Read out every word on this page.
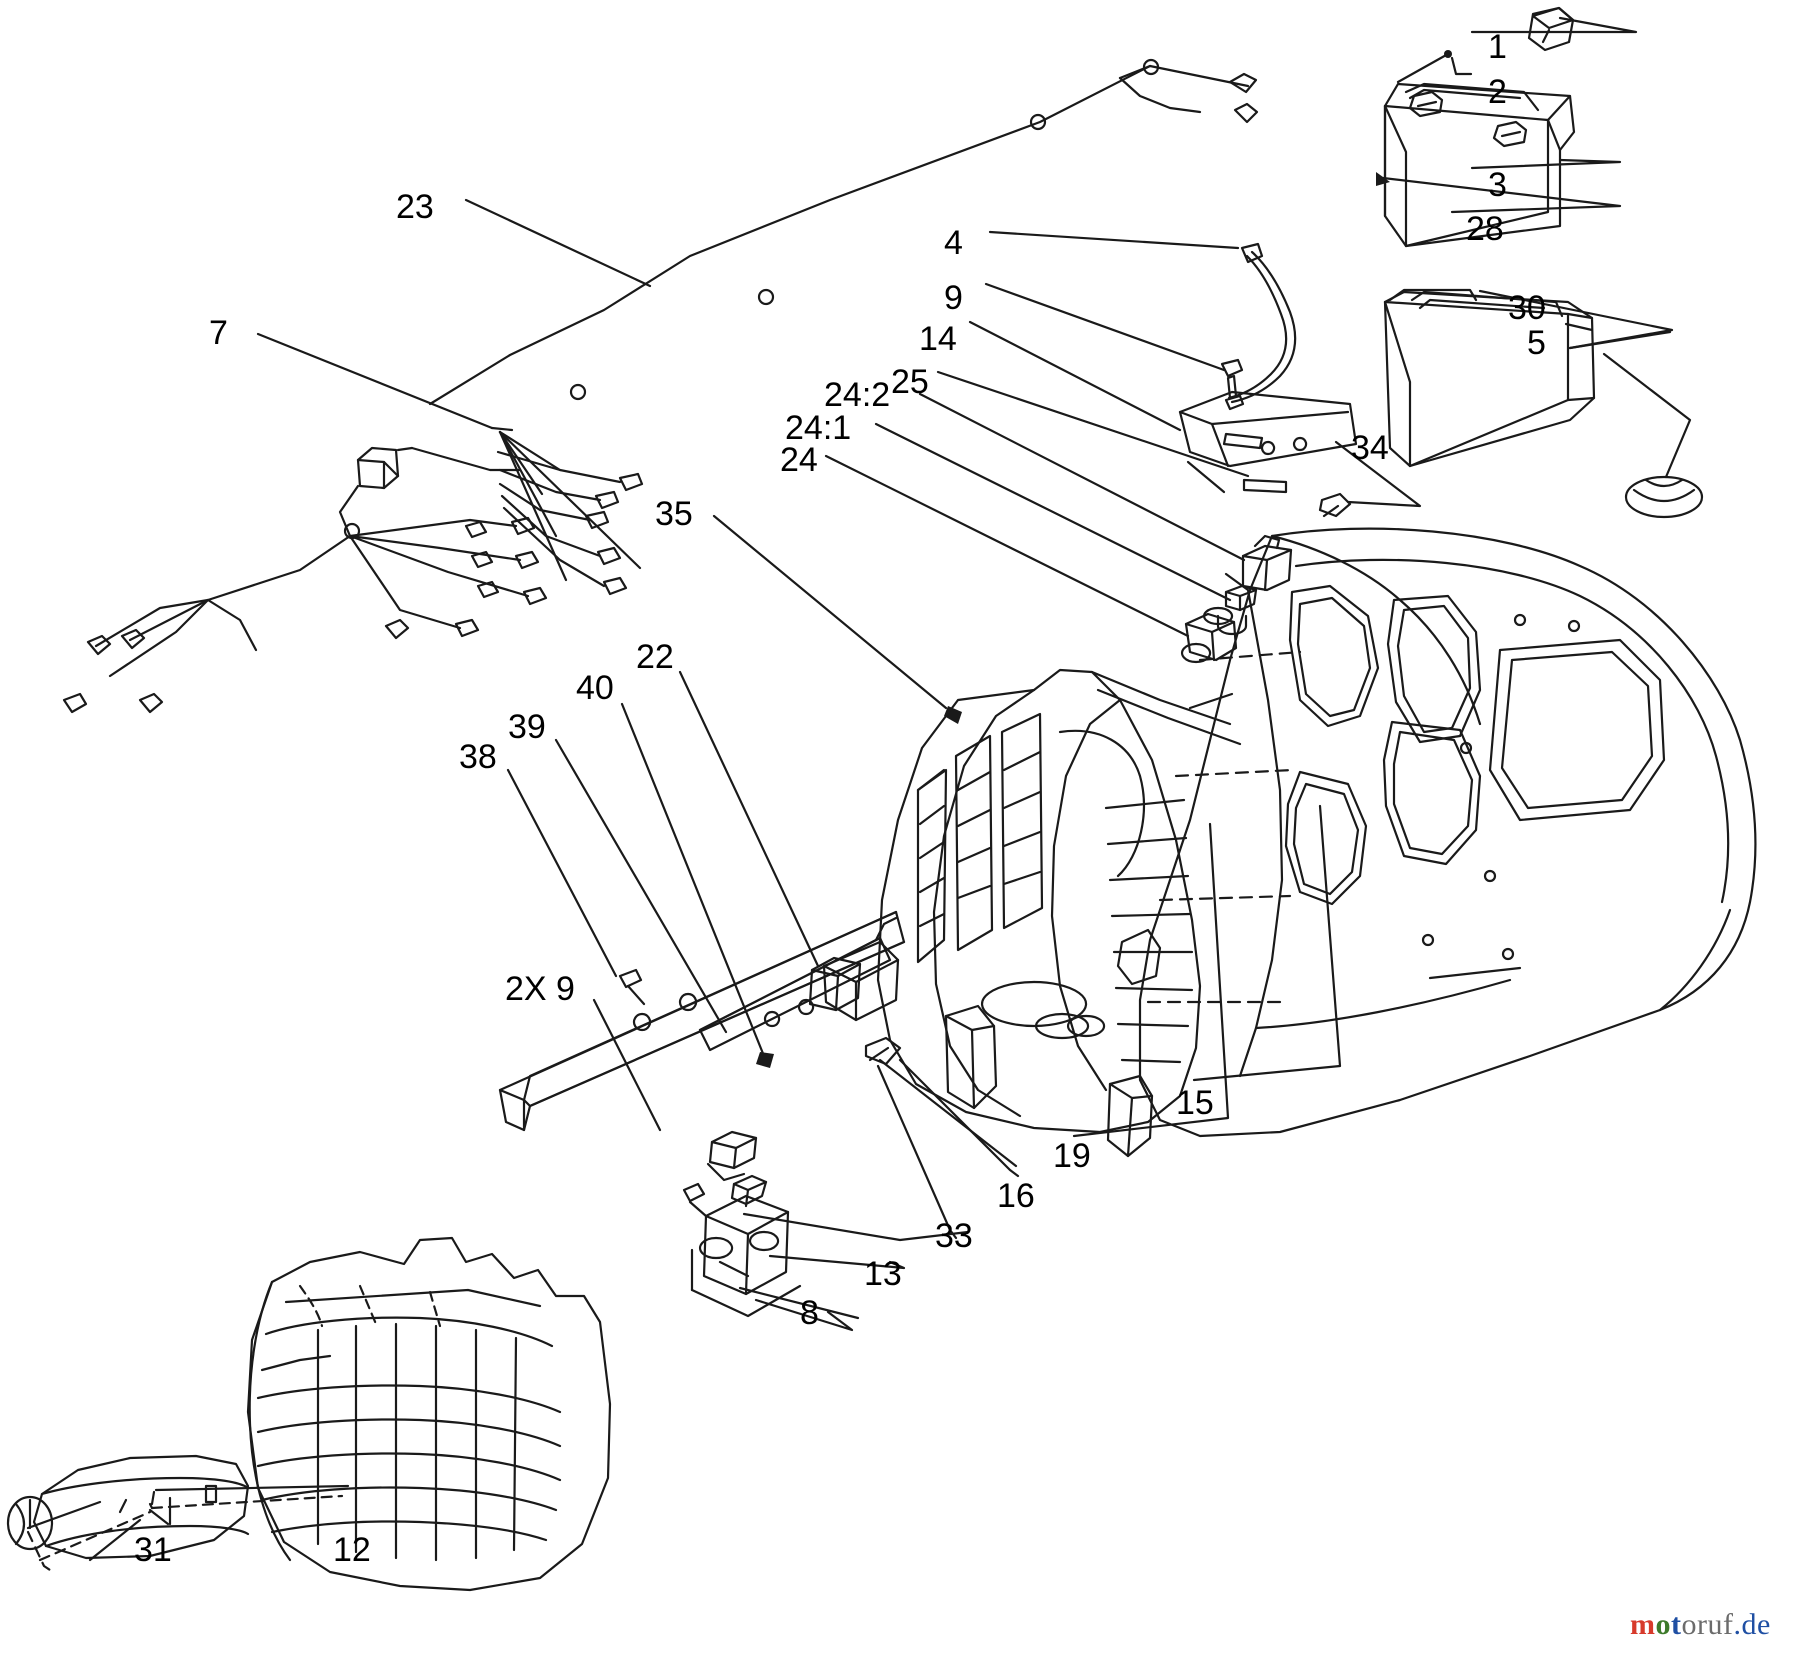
1
2
3
28
23
4
9
14
30
5
7
25
24:2
24:1
24	34
35
22
40
39
38
2X 9
15
19
16
33
13
8
31	12
motoruf.de
